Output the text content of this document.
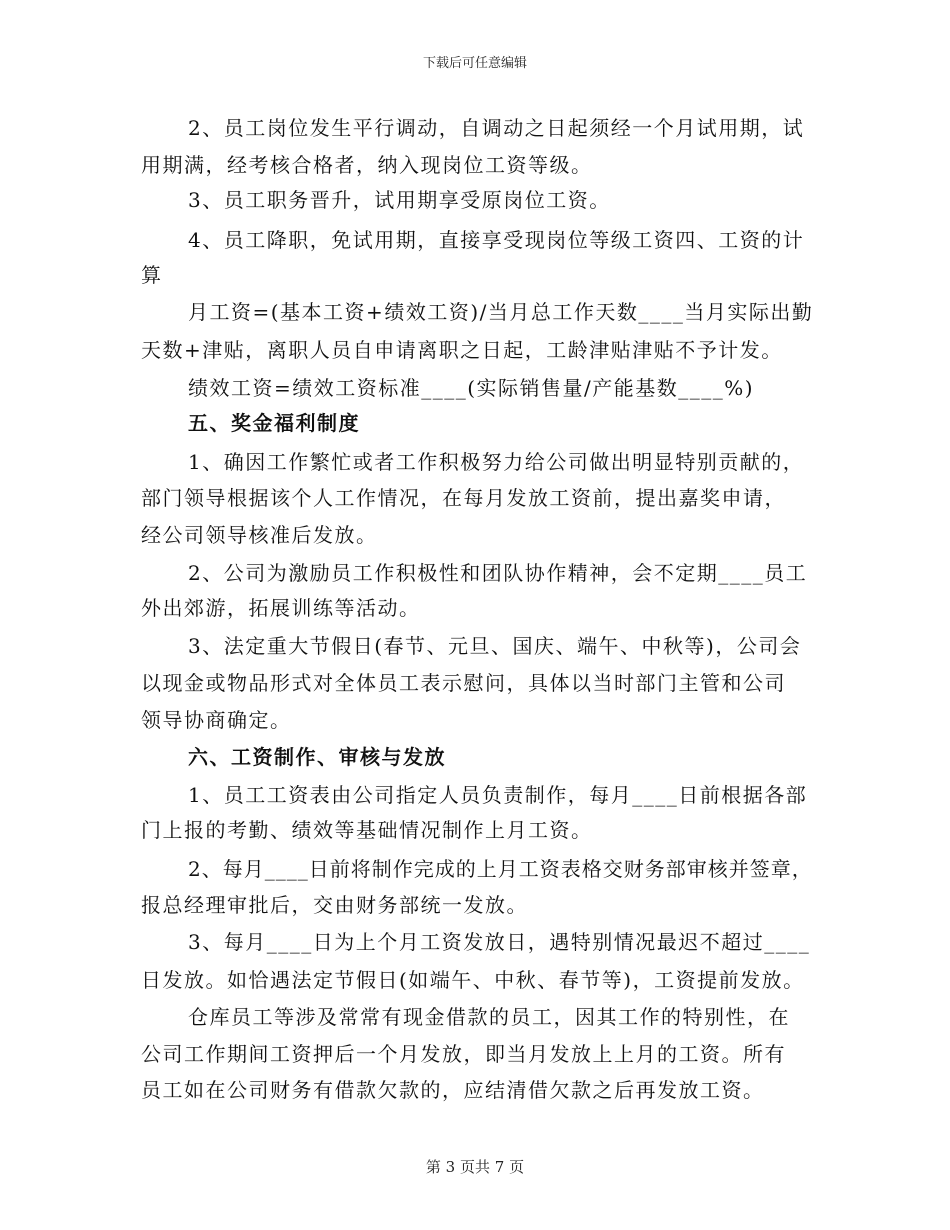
下载后可任意编辑
2、员工岗位发生平行调动，自调动之日起须经一个月试用期，试
用期满，经考核合格者，纳入现岗位工资等级。
3、员工职务晋升，试用期享受原岗位工资。
4、员工降职，免试用期，直接享受现岗位等级工资四、工资的计
算
月工资=(基本工资+绩效工资)/当月总工作天数____当月实际出勤
天数+津贴，离职人员自申请离职之日起，工龄津贴津贴不予计发。
绩效工资=绩效工资标准____(实际销售量/产能基数____%)
五、奖金福利制度
1、确因工作繁忙或者工作积极努力给公司做出明显特别贡献的，
部门领导根据该个人工作情况，在每月发放工资前，提出嘉奖申请，
经公司领导核准后发放。
2、公司为激励员工作积极性和团队协作精神，会不定期____员工
外出郊游，拓展训练等活动。
3、法定重大节假日(春节、元旦、国庆、端午、中秋等)，公司会
以现金或物品形式对全体员工表示慰问，具体以当时部门主管和公司
领导协商确定。
六、工资制作、审核与发放
1、员工工资表由公司指定人员负责制作，每月____日前根据各部
门上报的考勤、绩效等基础情况制作上月工资。
2、每月____日前将制作完成的上月工资表格交财务部审核并签章，
报总经理审批后，交由财务部统一发放。
3、每月____日为上个月工资发放日，遇特别情况最迟不超过____
日发放。如恰遇法定节假日(如端午、中秋、春节等)，工资提前发放。
仓库员工等涉及常常有现金借款的员工，因其工作的特别性，在
公司工作期间工资押后一个月发放，即当月发放上上月的工资。所有
员工如在公司财务有借款欠款的，应结清借欠款之后再发放工资。
第 3 页共 7 页
